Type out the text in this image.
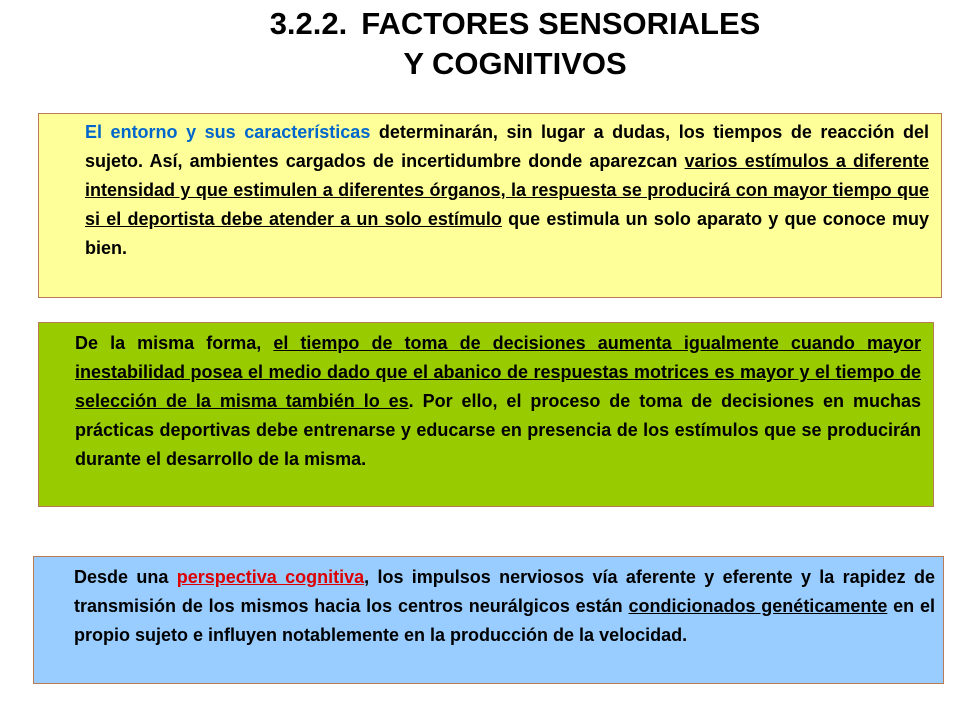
3.2.2. FACTORES SENSORIALES
Y COGNITIVOS

El entorno y sus características determinarán, sin lugar a dudas, los tiempos de reacción del sujeto. Así, ambientes cargados de incertidumbre donde aparezcan varios estímulos a diferente intensidad y que estimulen a diferentes órganos, la respuesta se producirá con mayor tiempo que si el deportista debe atender a un solo estímulo que estimula un solo aparato y que conoce muy bien.

De la misma forma, el tiempo de toma de decisiones aumenta igualmente cuando mayor inestabilidad posea el medio dado que el abanico de respuestas motrices es mayor y el tiempo de selección de la misma también lo es. Por ello, el proceso de toma de decisiones en muchas prácticas deportivas debe entrenarse y educarse en presencia de los estímulos que se producirán durante el desarrollo de la misma.

Desde una perspectiva cognitiva, los impulsos nerviosos vía aferente y eferente y la rapidez de transmisión de los mismos hacia los centros neurálgicos están condicionados genéticamente en el propio sujeto e influyen notablemente en la producción de la velocidad.
